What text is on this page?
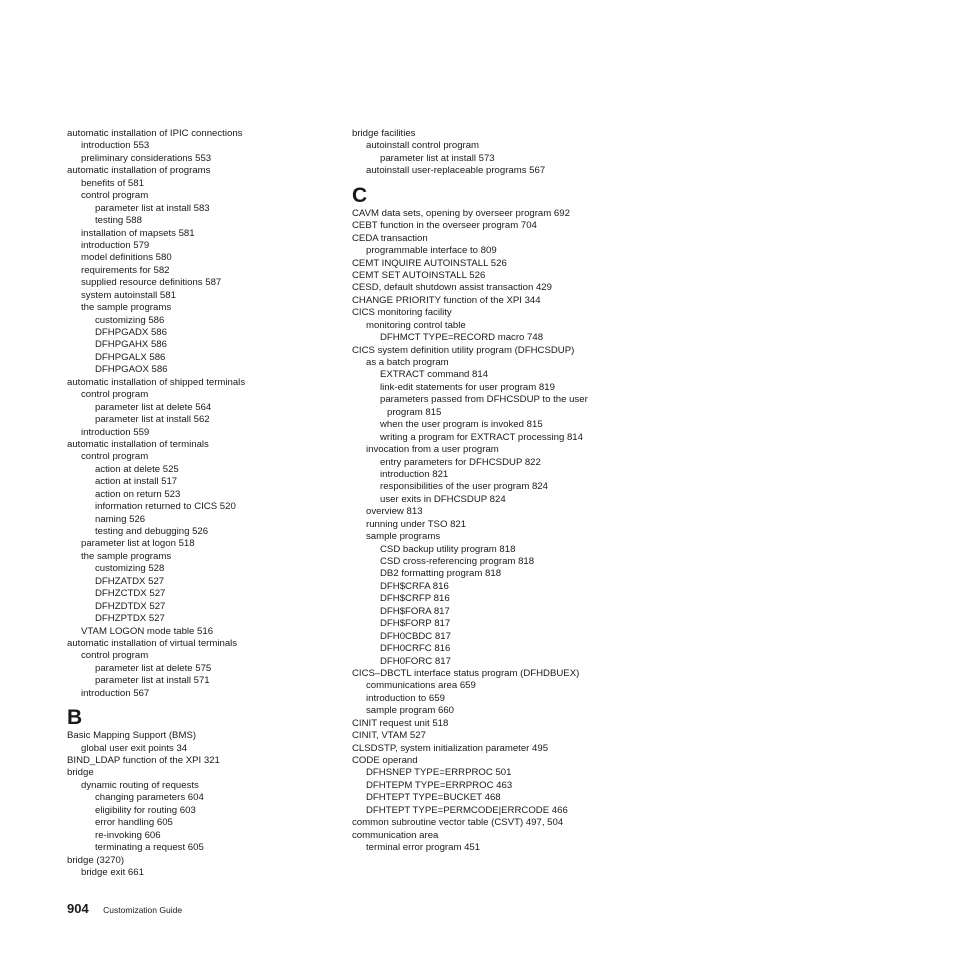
automatic installation of IPIC connections
introduction 553
preliminary considerations 553
automatic installation of programs
benefits of 581
control program
parameter list at install 583
testing 588
installation of mapsets 581
introduction 579
model definitions 580
requirements for 582
supplied resource definitions 587
system autoinstall 581
the sample programs
customizing 586
DFHPGADX 586
DFHPGAHX 586
DFHPGALX 586
DFHPGAOX 586
automatic installation of shipped terminals
control program
parameter list at delete 564
parameter list at install 562
introduction 559
automatic installation of terminals
control program
action at delete 525
action at install 517
action on return 523
information returned to CICS 520
naming 526
testing and debugging 526
parameter list at logon 518
the sample programs
customizing 528
DFHZATDX 527
DFHZCTDX 527
DFHZDTDX 527
DFHZPTDX 527
VTAM LOGON mode table 516
automatic installation of virtual terminals
control program
parameter list at delete 575
parameter list at install 571
introduction 567
B
Basic Mapping Support (BMS)
global user exit points 34
BIND_LDAP function of the XPI 321
bridge
dynamic routing of requests
changing parameters 604
eligibility for routing 603
error handling 605
re-invoking 606
terminating a request 605
bridge (3270)
bridge exit 661
bridge facilities
autoinstall control program
parameter list at install 573
autoinstall user-replaceable programs 567
C
CAVM data sets, opening by overseer program 692
CEBT function in the overseer program 704
CEDA transaction
programmable interface to 809
CEMT INQUIRE AUTOINSTALL 526
CEMT SET AUTOINSTALL 526
CESD, default shutdown assist transaction 429
CHANGE PRIORITY function of the XPI 344
CICS monitoring facility
monitoring control table
DFHMCT TYPE=RECORD macro 748
CICS system definition utility program (DFHCSDUP)
as a batch program
EXTRACT command 814
link-edit statements for user program 819
parameters passed from DFHCSDUP to the user
program 815
when the user program is invoked 815
writing a program for EXTRACT processing 814
invocation from a user program
entry parameters for DFHCSDUP 822
introduction 821
responsibilities of the user program 824
user exits in DFHCSDUP 824
overview 813
running under TSO 821
sample programs
CSD backup utility program 818
CSD cross-referencing program 818
DB2 formatting program 818
DFH$CRFA 816
DFH$CRFP 816
DFH$FORA 817
DFH$FORP 817
DFH0CBDC 817
DFH0CRFC 816
DFH0FORC 817
CICS–DBCTL interface status program (DFHDBUEX)
communications area 659
introduction to 659
sample program 660
CINIT request unit 518
CINIT, VTAM 527
CLSDSTP, system initialization parameter 495
CODE operand
DFHSNEP TYPE=ERRPROC 501
DFHTEPM TYPE=ERRPROC 463
DFHTEPT TYPE=BUCKET 468
DFHTEPT TYPE=PERMCODE|ERRCODE 466
common subroutine vector table (CSVT) 497, 504
communication area
terminal error program 451
904 Customization Guide
